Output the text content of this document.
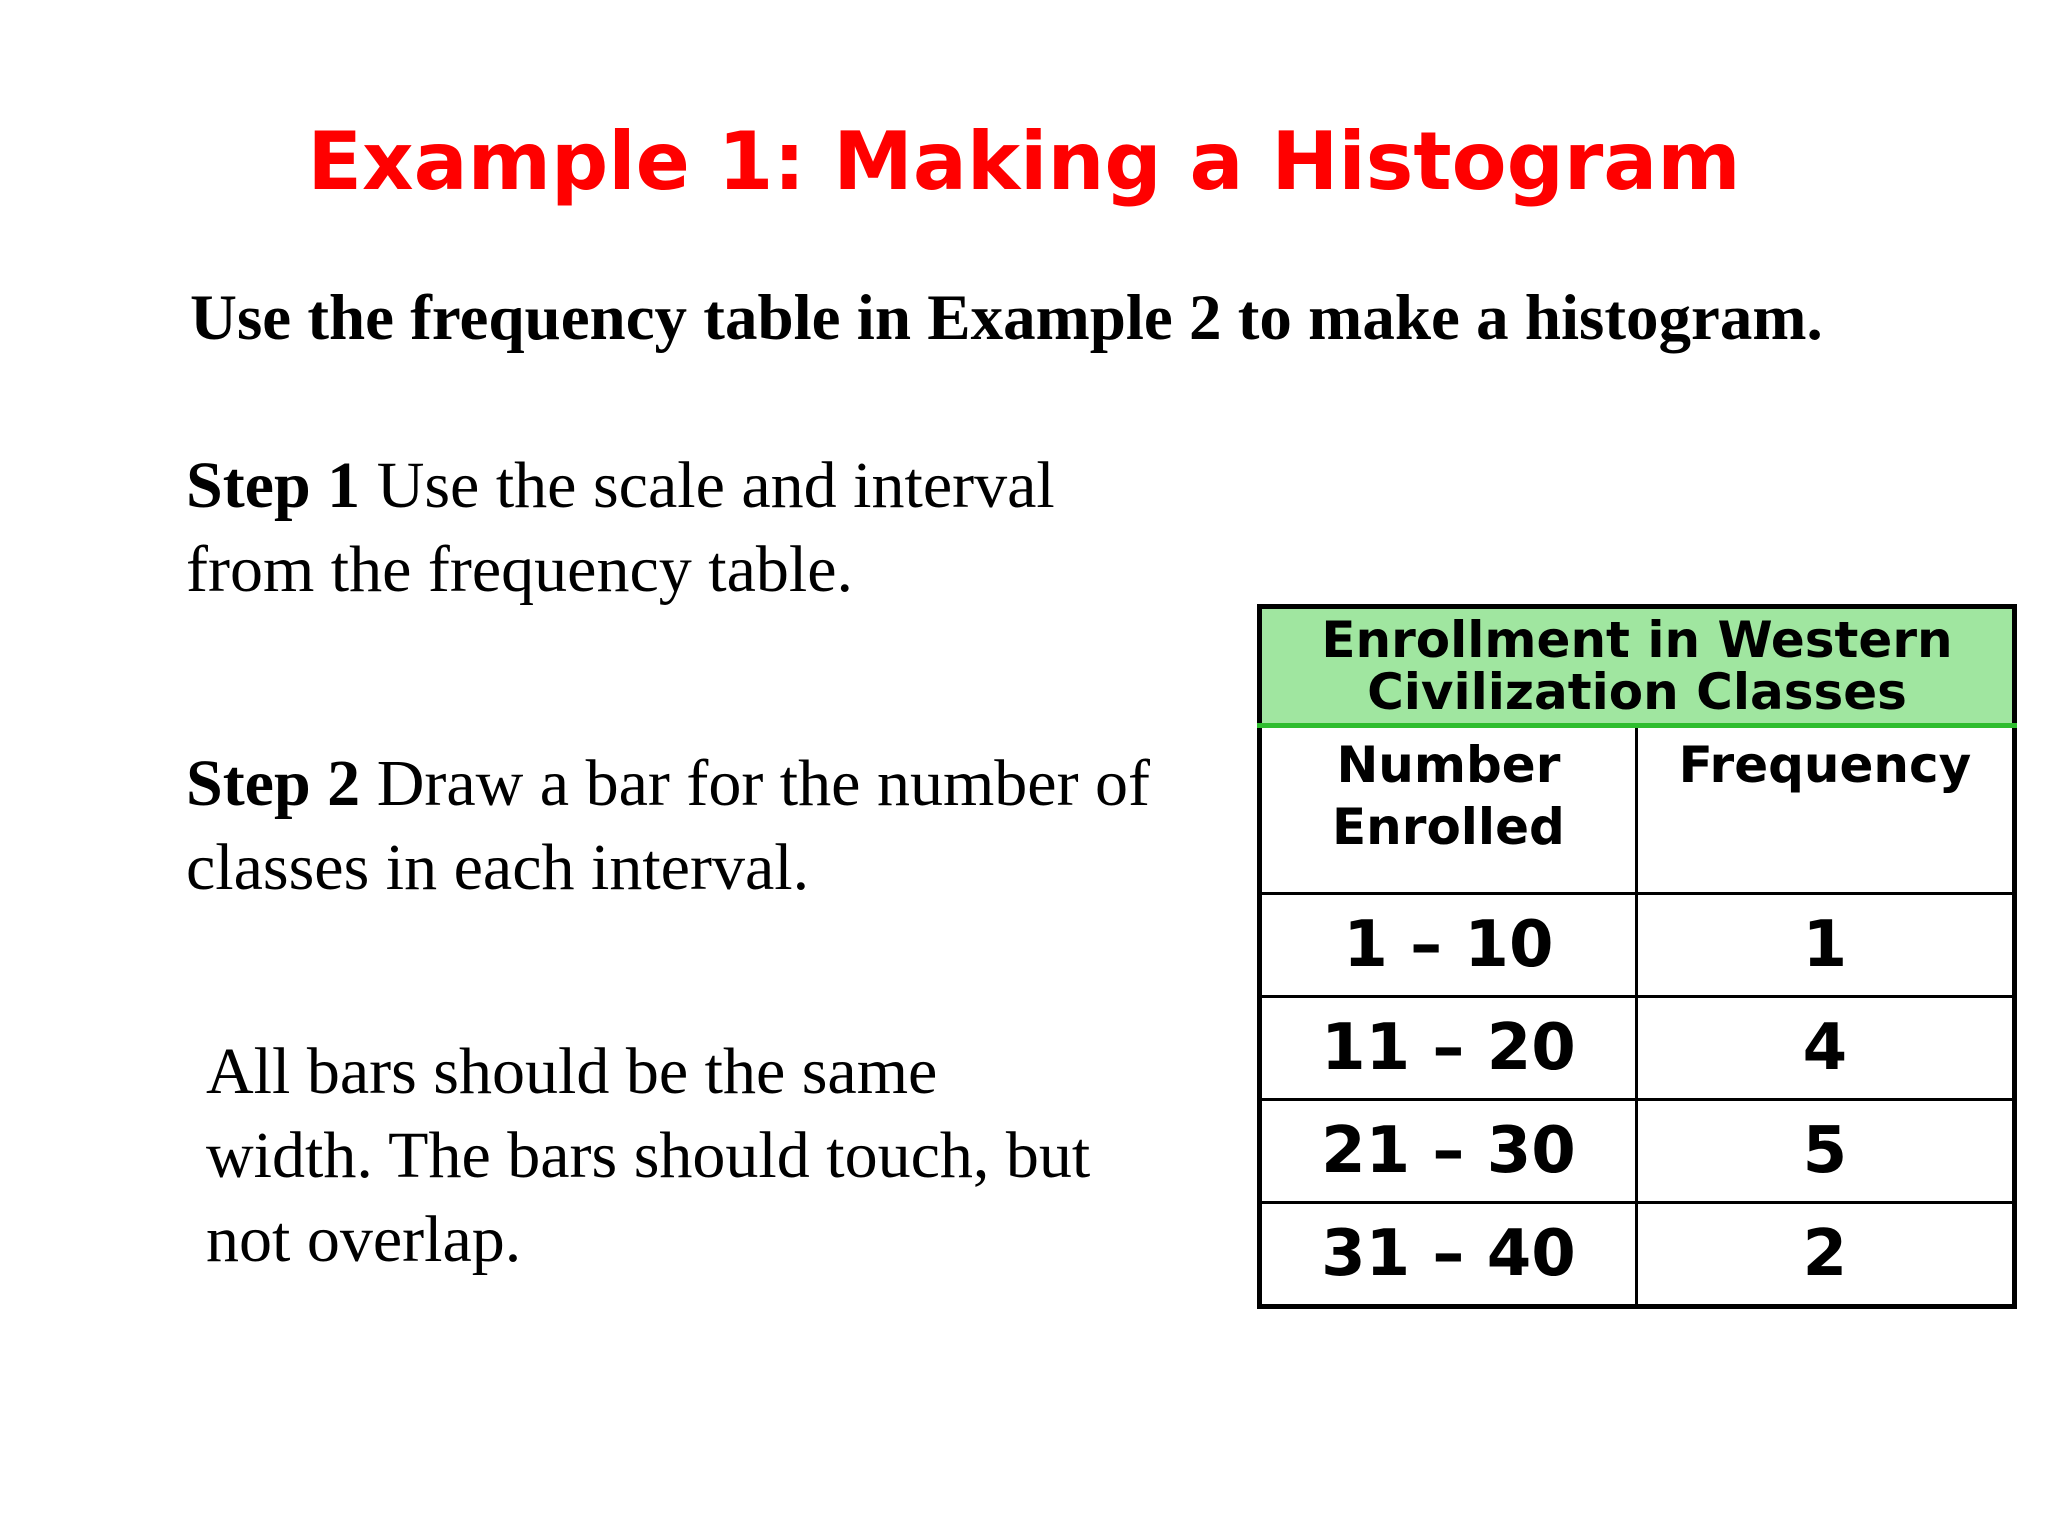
Example 1: Making a Histogram
Use the frequency table in Example 2 to make a histogram.

Step 1 Use the scale and interval from the frequency table.

Step 2 Draw a bar for the number of classes in each interval.

All bars should be the same width. The bars should touch, but not overlap.

Enrollment in Western Civilization Classes	
Number Enrolled	Frequency
1 – 10	1
11 – 20	4
21 – 30	5
31 – 40	2
